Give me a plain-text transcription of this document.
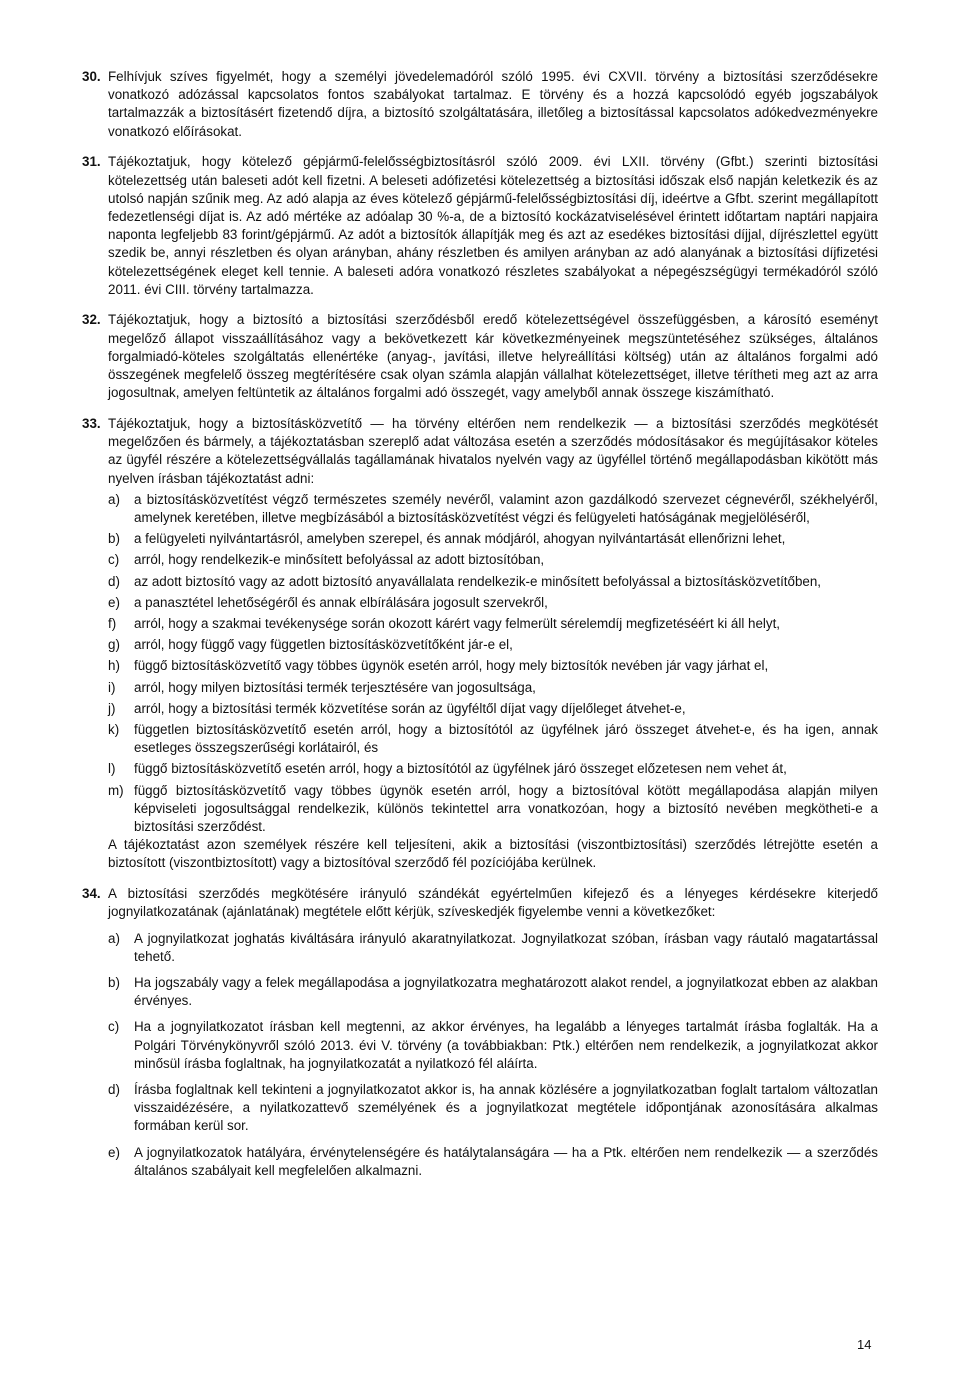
30. Felhívjuk szíves figyelmét, hogy a személyi jövedelemadóról szóló 1995. évi CXVII. törvény a biztosítási szerződésekre vonatkozó adózással kapcsolatos fontos szabályokat tartalmaz. E törvény és a hozzá kapcsolódó egyéb jogszabályok tartalmazzák a biztosításért fizetendő díjra, a biztosító szolgáltatására, illetőleg a biztosítással kapcsolatos adókedvezményekre vonatkozó előírásokat.

31. Tájékoztatjuk, hogy kötelező gépjármű-felelősségbiztosításról szóló 2009. évi LXII. törvény (Gfbt.) szerinti biztosítási kötelezettség után baleseti adót kell fizetni. A beleseti adófizetési kötelezettség a biztosítási időszak első napján keletkezik és az utolsó napján szűnik meg. Az adó alapja az éves kötelező gépjármű-felelősségbiztosítási díj, ideértve a Gfbt. szerint megállapított fedezetlenségi díjat is. Az adó mértéke az adóalap 30 %-a, de a biztosító kockázatviselésével érintett időtartam naptári napjaira naponta legfeljebb 83 forint/gépjármű. Az adót a biztosítók állapítják meg és azt az esedékes biztosítási díjjal, díjrészlettel együtt szedik be, annyi részletben és olyan arányban, ahány részletben és amilyen arányban az adó alanyának a biztosítási díjfizetési kötelezettségének eleget kell tennie. A baleseti adóra vonatkozó részletes szabályokat a népegészségügyi termékadóról szóló 2011. évi CIII. törvény tartalmazza.

32. Tájékoztatjuk, hogy a biztosító a biztosítási szerződésből eredő kötelezettségével összefüggésben, a károsító eseményt megelőző állapot visszaállításához vagy a bekövetkezett kár következményeinek megszüntetéséhez szükséges, általános forgalmiadó-köteles szolgáltatás ellenértéke (anyag-, javítási, illetve helyreállítási költség) után az általános forgalmi adó összegének megfelelő összeg megtérítésére csak olyan számla alapján vállalhat kötelezettséget, illetve térítheti meg azt az arra jogosultnak, amelyen feltüntetik az általános forgalmi adó összegét, vagy amelyből annak összege kiszámítható.

33. Tájékoztatjuk, hogy a biztosításközvetítő — ha törvény eltérően nem rendelkezik — a biztosítási szerződés megkötését megelőzően és bármely, a tájékoztatásban szereplő adat változása esetén a szerződés módosításakor és megújításakor köteles az ügyfél részére a kötelezettségvállalás tagállamának hivatalos nyelvén vagy az ügyféllel történő megállapodásban kikötött más nyelven írásban tájékoztatást adni:

a) a biztosításközvetítést végző természetes személy nevéről, valamint azon gazdálkodó szervezet cégnevéről, székhelyéről, amelynek keretében, illetve megbízásából a biztosításközvetítést végzi és felügyeleti hatóságának megjelöléséről,
b) a felügyeleti nyilvántartásról, amelyben szerepel, és annak módjáról, ahogyan nyilvántartását ellenőrizni lehet,
c) arról, hogy rendelkezik-e minősített befolyással az adott biztosítóban,
d) az adott biztosító vagy az adott biztosító anyavállalata rendelkezik-e minősített befolyással a biztosításközvetítőben,
e) a panasztétel lehetőségéről és annak elbírálására jogosult szervekről,
f) arról, hogy a szakmai tevékenysége során okozott kárért vagy felmerült sérelemdíj megfizetéséért ki áll helyt,
g) arról, hogy függő vagy független biztosításközvetítőként jár-e el,
h) függő biztosításközvetítő vagy többes ügynök esetén arról, hogy mely biztosítók nevében jár vagy járhat el,
i) arról, hogy milyen biztosítási termék terjesztésére van jogosultsága,
j) arról, hogy a biztosítási termék közvetítése során az ügyféltől díjat vagy díjelőleget átvehet-e,
k) független biztosításközvetítő esetén arról, hogy a biztosítótól az ügyfélnek járó összeget átvehet-e, és ha igen, annak esetleges összegszerűségi korlátairól, és
l) függő biztosításközvetítő esetén arról, hogy a biztosítótól az ügyfélnek járó összeget előzetesen nem vehet át,
m) függő biztosításközvetítő vagy többes ügynök esetén arról, hogy a biztosítóval kötött megállapodása alapján milyen képviseleti jogosultsággal rendelkezik, különös tekintettel arra vonatkozóan, hogy a biztosító nevében megkötheti-e a biztosítási szerződést.

A tájékoztatást azon személyek részére kell teljesíteni, akik a biztosítási (viszontbiztosítási) szerződés létrejötte esetén a biztosított (viszontbiztosított) vagy a biztosítóval szerződő fél pozíciójába kerülnek.

34. A biztosítási szerződés megkötésére irányuló szándékát egyértelműen kifejező és a lényeges kérdésekre kiterjedő jognyilatkozatának (ajánlatának) megtétele előtt kérjük, szíveskedjék figyelembe venni a következőket:

a) A jognyilatkozat joghatás kiváltására irányuló akaratnyilatkozat. Jognyilatkozat szóban, írásban vagy ráutaló magatartással tehető.
b) Ha jogszabály vagy a felek megállapodása a jognyilatkozatra meghatározott alakot rendel, a jognyilatkozat ebben az alakban érvényes.
c) Ha a jognyilatkozatot írásban kell megtenni, az akkor érvényes, ha legalább a lényeges tartalmát írásba foglalták. Ha a Polgári Törvénykönyvről szóló 2013. évi V. törvény (a továbbiakban: Ptk.) eltérően nem rendelkezik, a jognyilatkozat akkor minősül írásba foglaltnak, ha jognyilatkozatát a nyilatkozó fél aláírta.
d) Írásba foglaltnak kell tekinteni a jognyilatkozatot akkor is, ha annak közlésére a jognyilatkozatban foglalt tartalom változatlan visszaidézésére, a nyilatkozattevő személyének és a jognyilatkozat megtétele időpontjának azonosítására alkalmas formában kerül sor.
e) A jognyilatkozatok hatályára, érvénytelenségére és hatálytalanságára — ha a Ptk. eltérően nem rendelkezik — a szerződés általános szabályait kell megfelelően alkalmazni.
14
